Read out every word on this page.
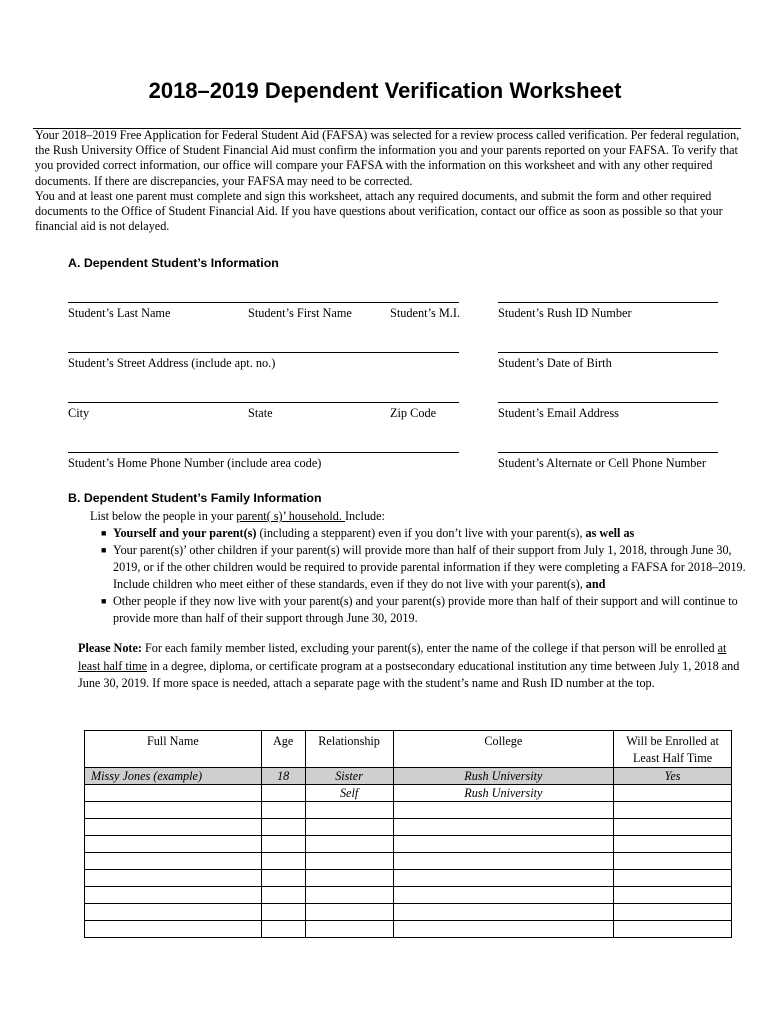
2018–2019 Dependent Verification Worksheet

Your 2018–2019 Free Application for Federal Student Aid (FAFSA) was selected for a review process called verification. Per federal regulation, the Rush University Office of Student Financial Aid must confirm the information you and your parents reported on your FAFSA. To verify that you provided correct information, our office will compare your FAFSA with the information on this worksheet and with any other required documents. If there are discrepancies, your FAFSA may need to be corrected.

You and at least one parent must complete and sign this worksheet, attach any required documents, and submit the form and other required documents to the Office of Student Financial Aid. If you have questions about verification, contact our office as soon as possible so that your financial aid is not delayed.

A. Dependent Student’s Information
Student’s Last Name	Student’s First Name	Student’s M.I.	Student’s Rush ID Number
Student’s Street Address (include apt. no.)	Student’s Date of Birth
City	State	Zip Code	Student’s Email Address
Student’s Home Phone Number (include area code)	Student’s Alternate or Cell Phone Number
B. Dependent Student’s Family Information
List below the people in your parent( s)’ household. Include:
■ Yourself and your parent(s) (including a stepparent) even if you don’t live with your parent(s), as well as
■ Your parent(s)’ other children if your parent(s) will provide more than half of their support from July 1, 2018, through June 30, 2019, or if the other children would be required to provide parental information if they were completing a FAFSA for 2018–2019. Include children who meet either of these standards, even if they do not live with your parent(s), and
■ Other people if they now live with your parent(s) and your parent(s) provide more than half of their support and will continue to provide more than half of their support through June 30, 2019.

Please Note: For each family member listed, excluding your parent(s), enter the name of the college if that person will be enrolled at least half time in a degree, diploma, or certificate program at a postsecondary educational institution any time between July 1, 2018 and June 30, 2019. If more space is needed, attach a separate page with the student’s name and Rush ID number at the top.

Full Name	Age	Relationship	College	Will be Enrolled at Least Half Time
Missy Jones (example)	18	Sister	Rush University	Yes
		Self	Rush University	
